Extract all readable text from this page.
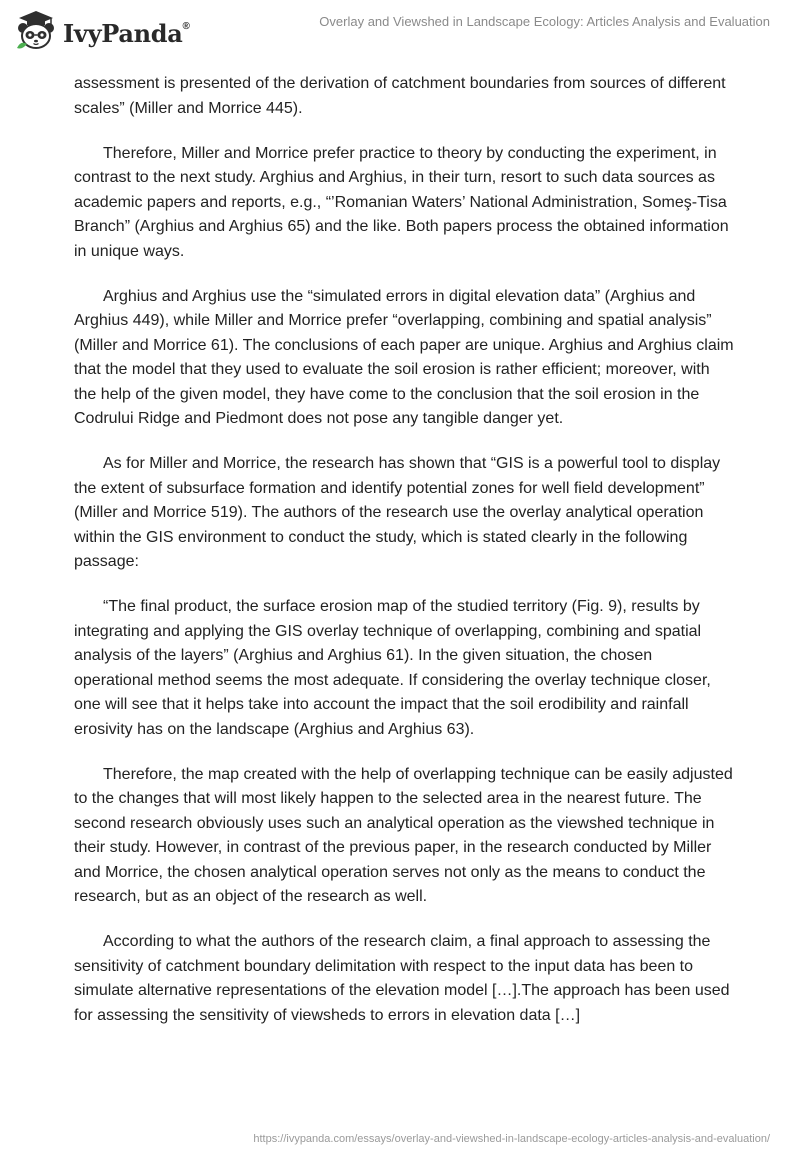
IvyPanda®	Overlay and Viewshed in Landscape Ecology: Articles Analysis and Evaluation

assessment is presented of the derivation of catchment boundaries from sources of different scales” (Miller and Morrice 445).

Therefore, Miller and Morrice prefer practice to theory by conducting the experiment, in contrast to the next study. Arghius and Arghius, in their turn, resort to such data sources as academic papers and reports, e.g., “’Romanian Waters’ National Administration, Someş-Tisa Branch” (Arghius and Arghius 65) and the like. Both papers process the obtained information in unique ways.

Arghius and Arghius use the “simulated errors in digital elevation data” (Arghius and Arghius 449), while Miller and Morrice prefer “overlapping, combining and spatial analysis” (Miller and Morrice 61). The conclusions of each paper are unique. Arghius and Arghius claim that the model that they used to evaluate the soil erosion is rather efficient; moreover, with the help of the given model, they have come to the conclusion that the soil erosion in the Codrului Ridge and Piedmont does not pose any tangible danger yet.

As for Miller and Morrice, the research has shown that “GIS is a powerful tool to display the extent of subsurface formation and identify potential zones for well field development” (Miller and Morrice 519). The authors of the research use the overlay analytical operation within the GIS environment to conduct the study, which is stated clearly in the following passage:

“The final product, the surface erosion map of the studied territory (Fig. 9), results by integrating and applying the GIS overlay technique of overlapping, combining and spatial analysis of the layers” (Arghius and Arghius 61). In the given situation, the chosen operational method seems the most adequate. If considering the overlay technique closer, one will see that it helps take into account the impact that the soil erodibility and rainfall erosivity has on the landscape (Arghius and Arghius 63).

Therefore, the map created with the help of overlapping technique can be easily adjusted to the changes that will most likely happen to the selected area in the nearest future. The second research obviously uses such an analytical operation as the viewshed technique in their study. However, in contrast of the previous paper, in the research conducted by Miller and Morrice, the chosen analytical operation serves not only as the means to conduct the research, but as an object of the research as well.

According to what the authors of the research claim, a final approach to assessing the sensitivity of catchment boundary delimitation with respect to the input data has been to simulate alternative representations of the elevation model […].The approach has been used for assessing the sensitivity of viewsheds to errors in elevation data […]

https://ivypanda.com/essays/overlay-and-viewshed-in-landscape-ecology-articles-analysis-and-evaluation/
